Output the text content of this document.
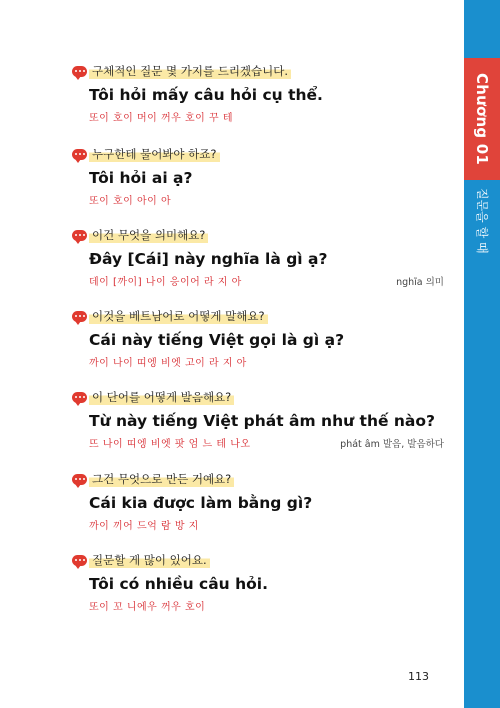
Chương 01
질문을 할 때
구체적인 질문 몇 가지를 드리겠습니다.
Tôi hỏi mấy câu hỏi cụ thể.
또이 호이 머이 꺼우 호이 꾸 테
누구한테 물어봐야 하죠?
Tôi hỏi ai ạ?
또이 호이 아이 아
이건 무엇을 의미해요?
Đây [Cái] này nghĩa là gì ạ?
데이 [까이] 나이 응이어 라 지 아	nghĩa 의미
이것을 베트남어로 어떻게 말해요?
Cái này tiếng Việt gọi là gì ạ?
까이 나이 띠엥 비엣 고이 라 지 아
이 단어를 어떻게 발음해요?
Từ này tiếng Việt phát âm như thế nào?
뜨 나이 띠엥 비엣 팟 엄 느 테 나오	phát âm 발음, 발음하다
그건 무엇으로 만든 거예요?
Cái kia được làm bằng gì?
까이 끼어 드억 람 방 지
질문할 게 많이 있어요.
Tôi có nhiều câu hỏi.
또이 꼬 니에우 꺼우 호이
113
